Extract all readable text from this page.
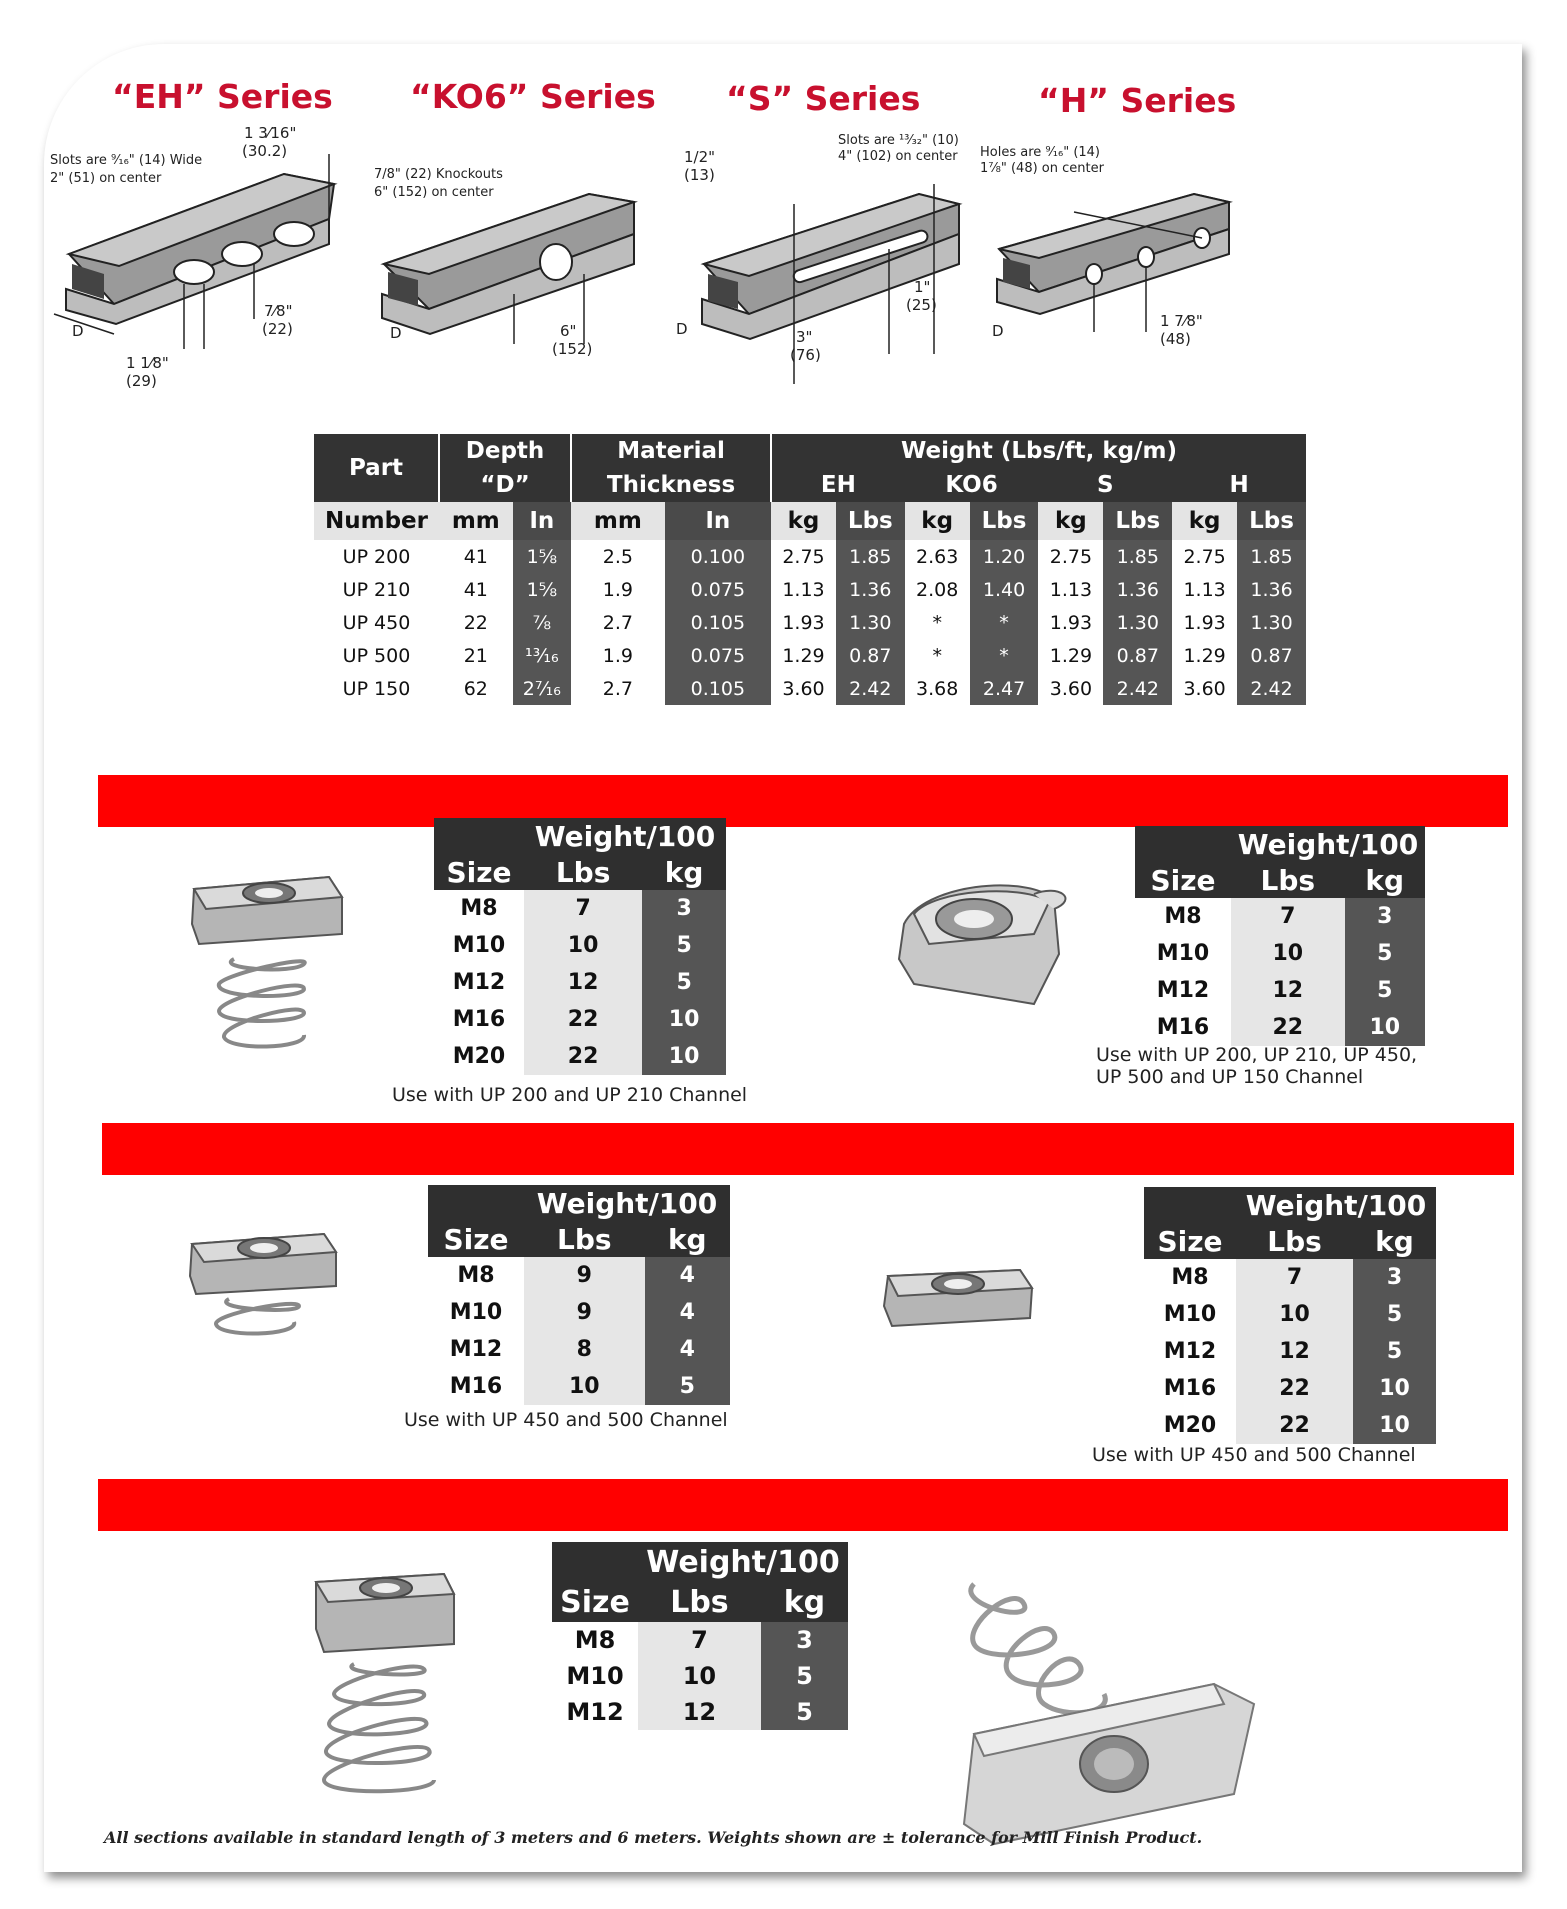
“EH” Series “KO6” Series “S” Series	“H” Series
Slots are ⁹⁄₁₆" (14) Wide 2" (51) on center
1 3⁄16"
(30.2)
7⁄8"
(22)
1 1⁄8"
(29)
D
7/8" (22) Knockouts
6" (152) on center
6"
(152)
D
1/2"
(13)
Slots are ¹³⁄₃₂" (10)
4" (102) on center
1"
(25)
3"
(76)
D
Holes are ⁹⁄₁₆" (14)
1⅞" (48) on center
1 7⁄8"
(48)
D
Part	Depth		Material		Weight (Lbs/ft, kg/m)							
	“D”		Thickness		EH		KO6		S		H	
Number	mm	In	mm	In	kg	Lbs	kg	Lbs	kg	Lbs	kg	Lbs
UP 200	41	1⅝	2.5	0.100	2.75	1.85	2.63	1.20	2.75	1.85	2.75	1.85
UP 210	41	1⅝	1.9	0.075	1.13	1.36	2.08	1.40	1.13	1.36	1.13	1.36
UP 450	22	⅞	2.7	0.105	1.93	1.30	*	*	1.93	1.30	1.93	1.30
UP 500	21	¹³⁄₁₆	1.9	0.075	1.29	0.87	*	*	1.29	0.87	1.29	0.87
UP 150	62	2⁷⁄₁₆	2.7	0.105	3.60	2.42	3.68	2.47	3.60	2.42	3.60	2.42
	Weight/100	
Size	Lbs	kg
M8	7	3
M10	10	5
M12	12	5
M16	22	10
M20	22	10
Use with UP 200 and UP 210 Channel
	Weight/100	
Size	Lbs	kg
M8	7	3
M10	10	5
M12	12	5
M16	22	10
Use with UP 200, UP 210, UP 450,
UP 500 and UP 150 Channel
	Weight/100	
Size	Lbs	kg
M8	9	4
M10	9	4
M12	8	4
M16	10	5
Use with UP 450 and 500 Channel
	Weight/100	
Size	Lbs	kg
M8	7	3
M10	10	5
M12	12	5
M16	22	10
M20	22	10
Use with UP 450 and 500 Channel
	Weight/100	
Size	Lbs	kg
M8	7	3
M10	10	5
M12	12	5
All sections available in standard length of 3 meters and 6 meters. Weights shown are ± tolerance for Mill Finish Product.
